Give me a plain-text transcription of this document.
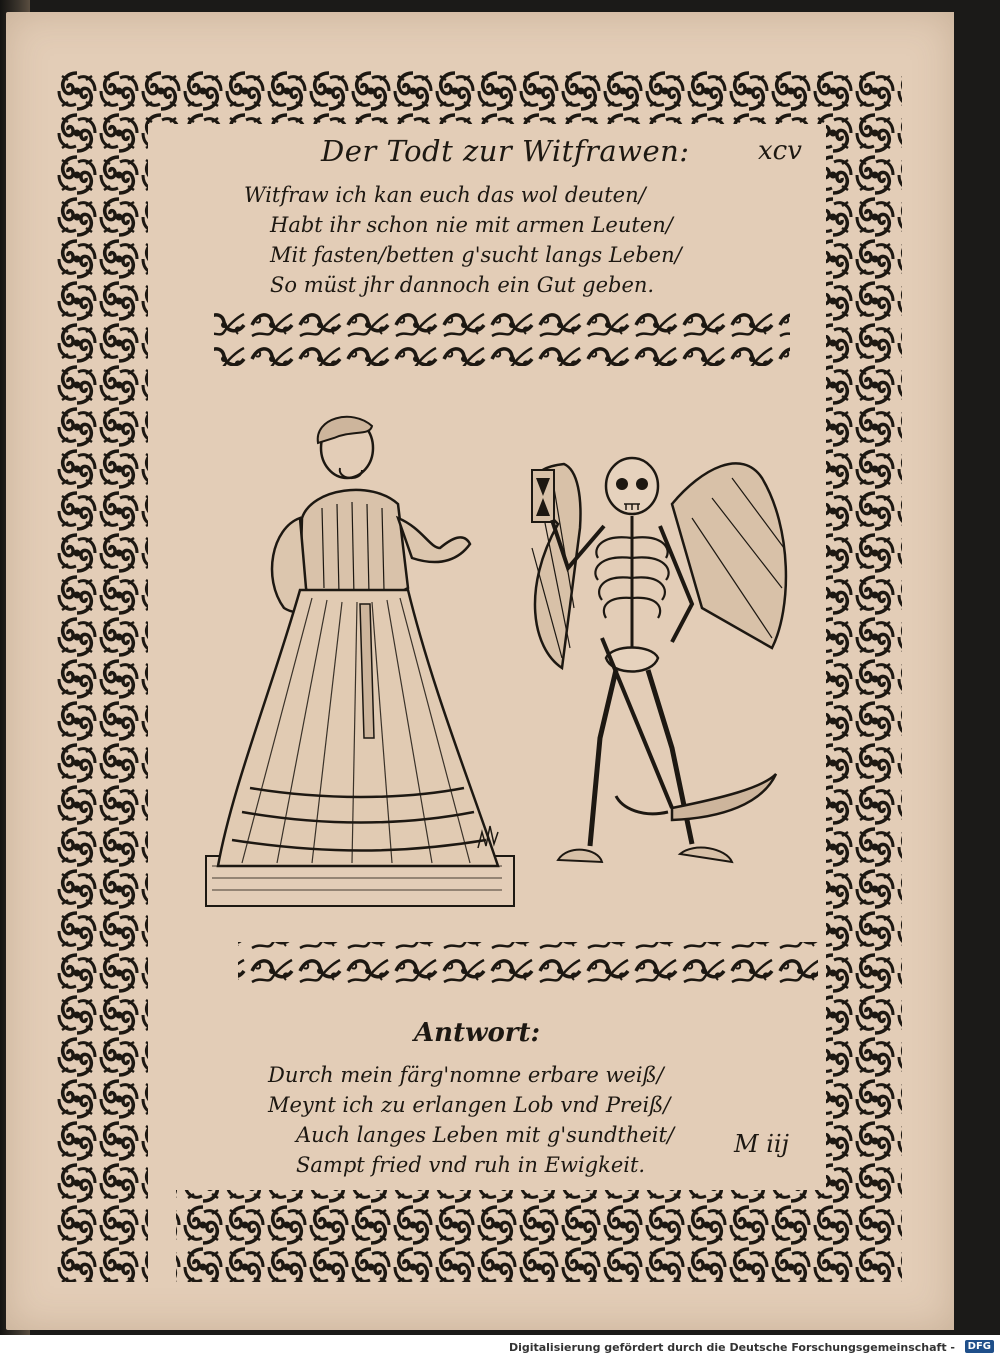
Der Todt zur Witfrawen:	xcv
Witfraw ich kan euch das wol deuten/
Habt ihr schon nie mit armen Leuten/
Mit fasten/betten g'sucht langs Leben/
So müst jhr dannoch ein Gut geben.
Antwort:
Durch mein färg'nomne erbare weiß/
Meynt ich zu erlangen Lob vnd Preiß/
Auch langes Leben mit g'sundtheit/
Sampt fried vnd ruh in Ewigkeit.
M iij
Digitalisierung gefördert durch die Deutsche Forschungsgemeinschaft -	DFG
